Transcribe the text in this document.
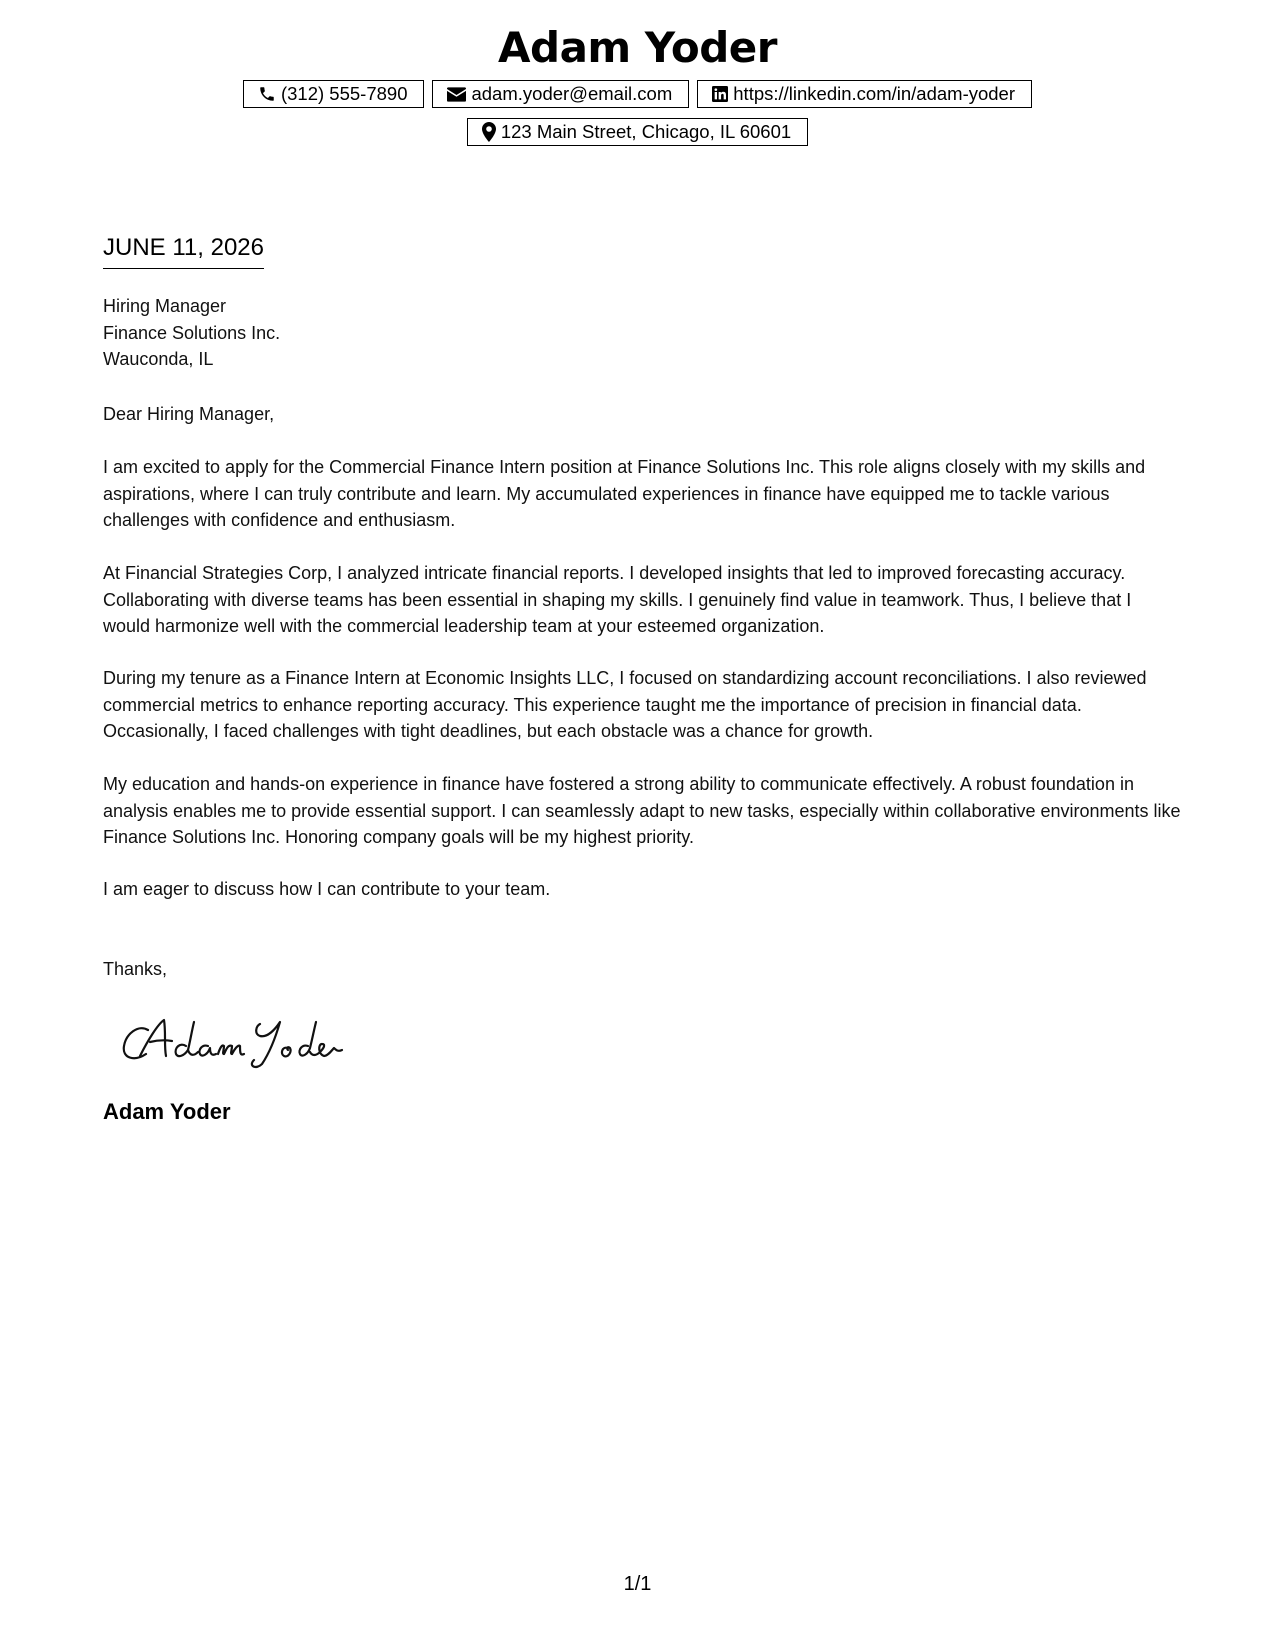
Adam Yoder
(312) 555-7890	adam.yoder@email.com	https://linkedin.com/in/adam-yoder
123 Main Street, Chicago, IL 60601
JUNE 11, 2026
Hiring Manager
Finance Solutions Inc.
Wauconda, IL
Dear Hiring Manager,

I am excited to apply for the Commercial Finance Intern position at Finance Solutions Inc. This role aligns closely with my skills and aspirations, where I can truly contribute and learn. My accumulated experiences in finance have equipped me to tackle various challenges with confidence and enthusiasm.

At Financial Strategies Corp, I analyzed intricate financial reports. I developed insights that led to improved forecasting accuracy. Collaborating with diverse teams has been essential in shaping my skills. I genuinely find value in teamwork. Thus, I believe that I would harmonize well with the commercial leadership team at your esteemed organization.

During my tenure as a Finance Intern at Economic Insights LLC, I focused on standardizing account reconciliations. I also reviewed commercial metrics to enhance reporting accuracy. This experience taught me the importance of precision in financial data. Occasionally, I faced challenges with tight deadlines, but each obstacle was a chance for growth.

My education and hands-on experience in finance have fostered a strong ability to communicate effectively. A robust foundation in analysis enables me to provide essential support. I can seamlessly adapt to new tasks, especially within collaborative environments like Finance Solutions Inc. Honoring company goals will be my highest priority.

I am eager to discuss how I can contribute to your team.
Thanks,
Adam Yoder
1/1
